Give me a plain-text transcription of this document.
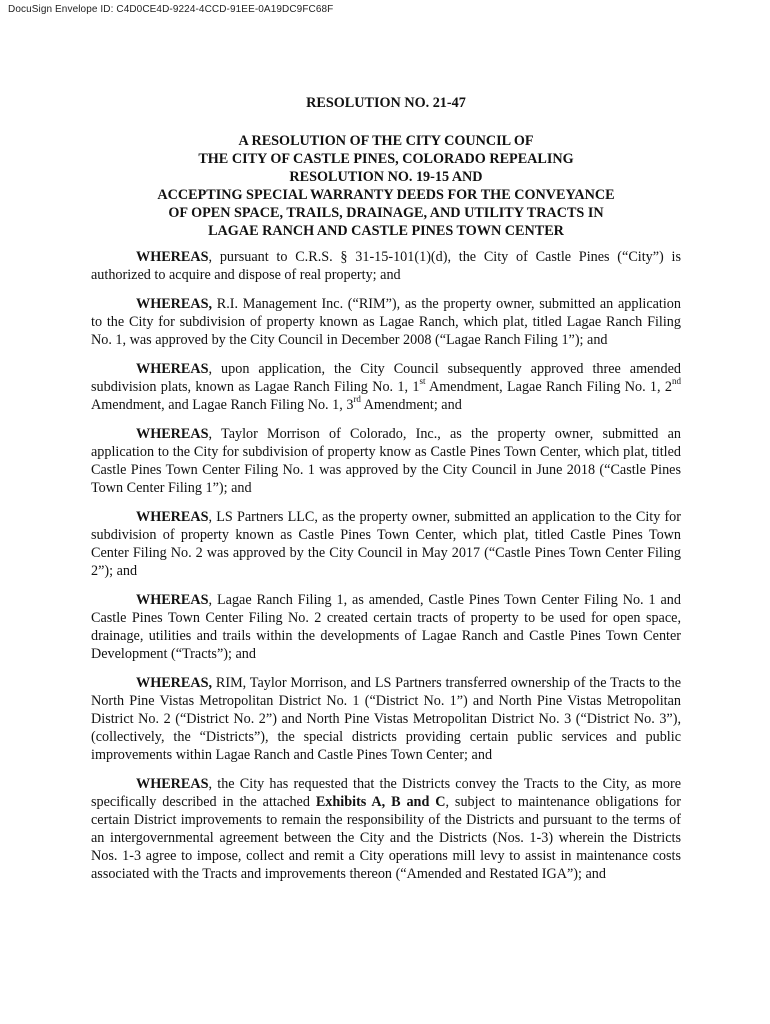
DocuSign Envelope ID: C4D0CE4D-9224-4CCD-91EE-0A19DC9FC68F
RESOLUTION NO. 21-47
A RESOLUTION OF THE CITY COUNCIL OF
THE CITY OF CASTLE PINES, COLORADO REPEALING
RESOLUTION NO. 19-15 AND
ACCEPTING SPECIAL WARRANTY DEEDS FOR THE CONVEYANCE
OF OPEN SPACE, TRAILS, DRAINAGE, AND UTILITY TRACTS IN
LAGAE RANCH AND CASTLE PINES TOWN CENTER

WHEREAS, pursuant to C.R.S. § 31-15-101(1)(d), the City of Castle Pines (“City”) is authorized to acquire and dispose of real property; and

WHEREAS, R.I. Management Inc. (“RIM”), as the property owner, submitted an application to the City for subdivision of property known as Lagae Ranch, which plat, titled Lagae Ranch Filing No. 1, was approved by the City Council in December 2008 (“Lagae Ranch Filing 1”); and

WHEREAS, upon application, the City Council subsequently approved three amended subdivision plats, known as Lagae Ranch Filing No. 1, 1st Amendment, Lagae Ranch Filing No. 1, 2nd Amendment, and Lagae Ranch Filing No. 1, 3rd Amendment; and

WHEREAS, Taylor Morrison of Colorado, Inc., as the property owner, submitted an application to the City for subdivision of property know as Castle Pines Town Center, which plat, titled Castle Pines Town Center Filing No. 1 was approved by the City Council in June 2018 (“Castle Pines Town Center Filing 1”); and

WHEREAS, LS Partners LLC, as the property owner, submitted an application to the City for subdivision of property known as Castle Pines Town Center, which plat, titled Castle Pines Town Center Filing No. 2 was approved by the City Council in May 2017 (“Castle Pines Town Center Filing 2”); and

WHEREAS, Lagae Ranch Filing 1, as amended, Castle Pines Town Center Filing No. 1 and Castle Pines Town Center Filing No. 2 created certain tracts of property to be used for open space, drainage, utilities and trails within the developments of Lagae Ranch and Castle Pines Town Center Development (“Tracts”); and

WHEREAS, RIM, Taylor Morrison, and LS Partners transferred ownership of the Tracts to the North Pine Vistas Metropolitan District No. 1 (“District No. 1”) and North Pine Vistas Metropolitan District No. 2 (“District No. 2”) and North Pine Vistas Metropolitan District No. 3 (“District No. 3”), (collectively, the “Districts”), the special districts providing certain public services and public improvements within Lagae Ranch and Castle Pines Town Center; and

WHEREAS, the City has requested that the Districts convey the Tracts to the City, as more specifically described in the attached Exhibits A, B and C, subject to maintenance obligations for certain District improvements to remain the responsibility of the Districts and pursuant to the terms of an intergovernmental agreement between the City and the Districts (Nos. 1-3) wherein the Districts Nos. 1-3 agree to impose, collect and remit a City operations mill levy to assist in maintenance costs associated with the Tracts and improvements thereon (“Amended and Restated IGA”); and
